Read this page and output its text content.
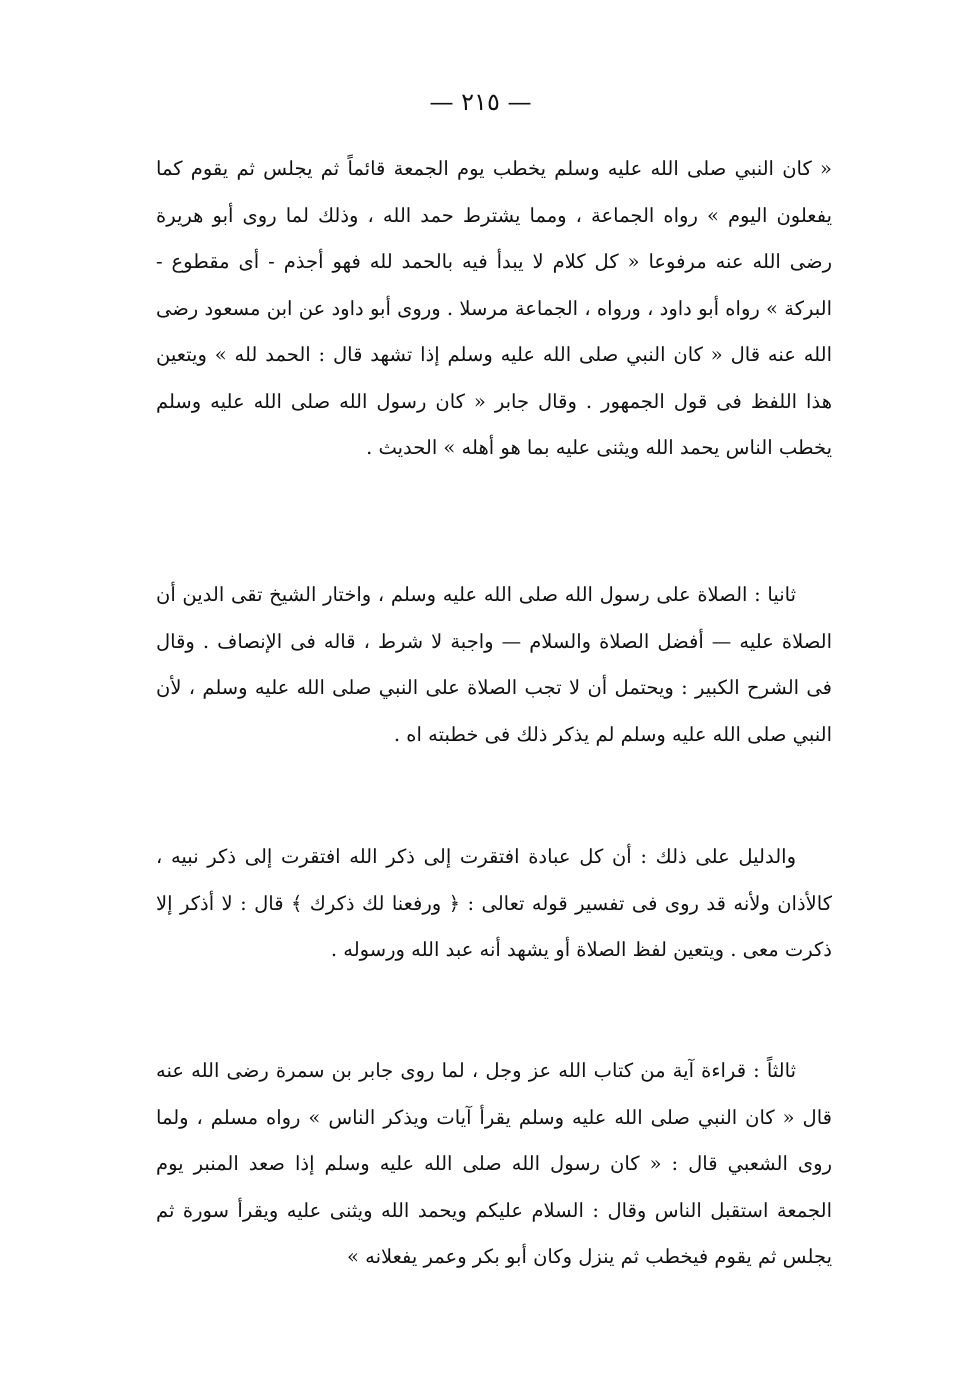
— ٢١٥ —

« كان النبي صلى الله عليه وسلم يخطب يوم الجمعة قائماً ثم يجلس ثم يقوم كما يفعلون اليوم » رواه الجماعة ، ومما يشترط حمد الله ، وذلك لما روى أبو هريرة رضى الله عنه مرفوعا « كل كلام لا يبدأ فيه بالحمد لله فهو أجذم - أى مقطوع - البركة » رواه أبو داود ، ورواه ، الجماعة مرسلا . وروى أبو داود عن ابن مسعود رضى الله عنه قال « كان النبي صلى الله عليه وسلم إذا تشهد قال : الحمد لله » ويتعين هذا اللفظ فى قول الجمهور . وقال جابر « كان رسول الله صلى الله عليه وسلم يخطب الناس يحمد الله ويثنى عليه بما هو أهله » الحديث .

ثانيا : الصلاة على رسول الله صلى الله عليه وسلم ، واختار الشيخ تقى الدين أن الصلاة عليه — أفضل الصلاة والسلام — واجبة لا شرط ، قاله فى الإنصاف . وقال فى الشرح الكبير : ويحتمل أن لا تجب الصلاة على النبي صلى الله عليه وسلم ، لأن النبي صلى الله عليه وسلم لم يذكر ذلك فى خطبته اه .

والدليل على ذلك : أن كل عبادة افتقرت إلى ذكر الله افتقرت إلى ذكر نبيه ، كالأذان ولأنه قد روى فى تفسير قوله تعالى : ﴿ ورفعنا لك ذكرك ﴾ قال : لا أذكر إلا ذكرت معى . ويتعين لفظ الصلاة أو يشهد أنه عبد الله ورسوله .

ثالثاً : قراءة آية من كتاب الله عز وجل ، لما روى جابر بن سمرة رضى الله عنه قال « كان النبي صلى الله عليه وسلم يقرأ آيات ويذكر الناس » رواه مسلم ، ولما روى الشعبي قال : « كان رسول الله صلى الله عليه وسلم إذا صعد المنبر يوم الجمعة استقبل الناس وقال : السلام عليكم ويحمد الله ويثنى عليه ويقرأ سورة ثم يجلس ثم يقوم فيخطب ثم ينزل وكان أبو بكر وعمر يفعلانه »
